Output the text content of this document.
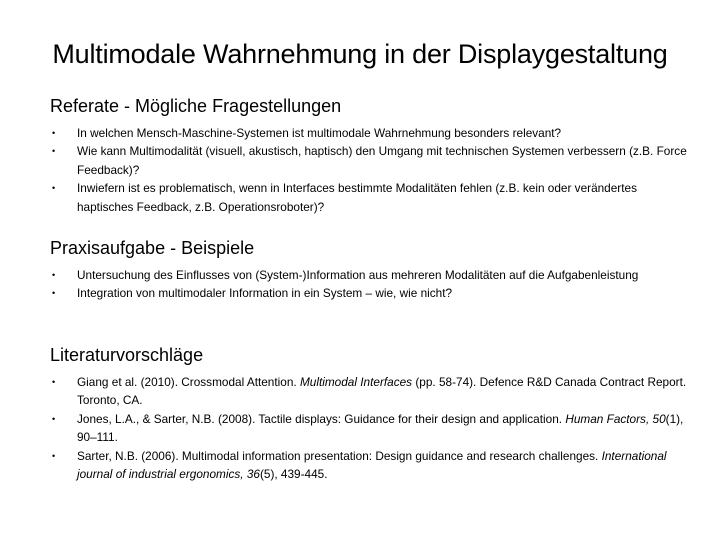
Multimodale Wahrnehmung in der Displaygestaltung
Referate - Mögliche Fragestellungen
• In welchen Mensch-Maschine-Systemen ist multimodale Wahrnehmung besonders relevant?
• Wie kann Multimodalität (visuell, akustisch, haptisch) den Umgang mit technischen Systemen verbessern (z.B. Force Feedback)?
• Inwiefern ist es problematisch, wenn in Interfaces bestimmte Modalitäten fehlen (z.B. kein oder verändertes haptisches Feedback, z.B. Operationsroboter)?
Praxisaufgabe - Beispiele
• Untersuchung des Einflusses von (System-)Information aus mehreren Modalitäten auf die Aufgabenleistung
• Integration von multimodaler Information in ein System – wie, wie nicht?
Literaturvorschläge
• Giang et al. (2010). Crossmodal Attention. Multimodal Interfaces (pp. 58-74). Defence R&D Canada Contract Report. Toronto, CA.
• Jones, L.A., & Sarter, N.B. (2008). Tactile displays: Guidance for their design and application. Human Factors, 50(1), 90–111.
• Sarter, N.B. (2006). Multimodal information presentation: Design guidance and research challenges. International journal of industrial ergonomics, 36(5), 439-445.
